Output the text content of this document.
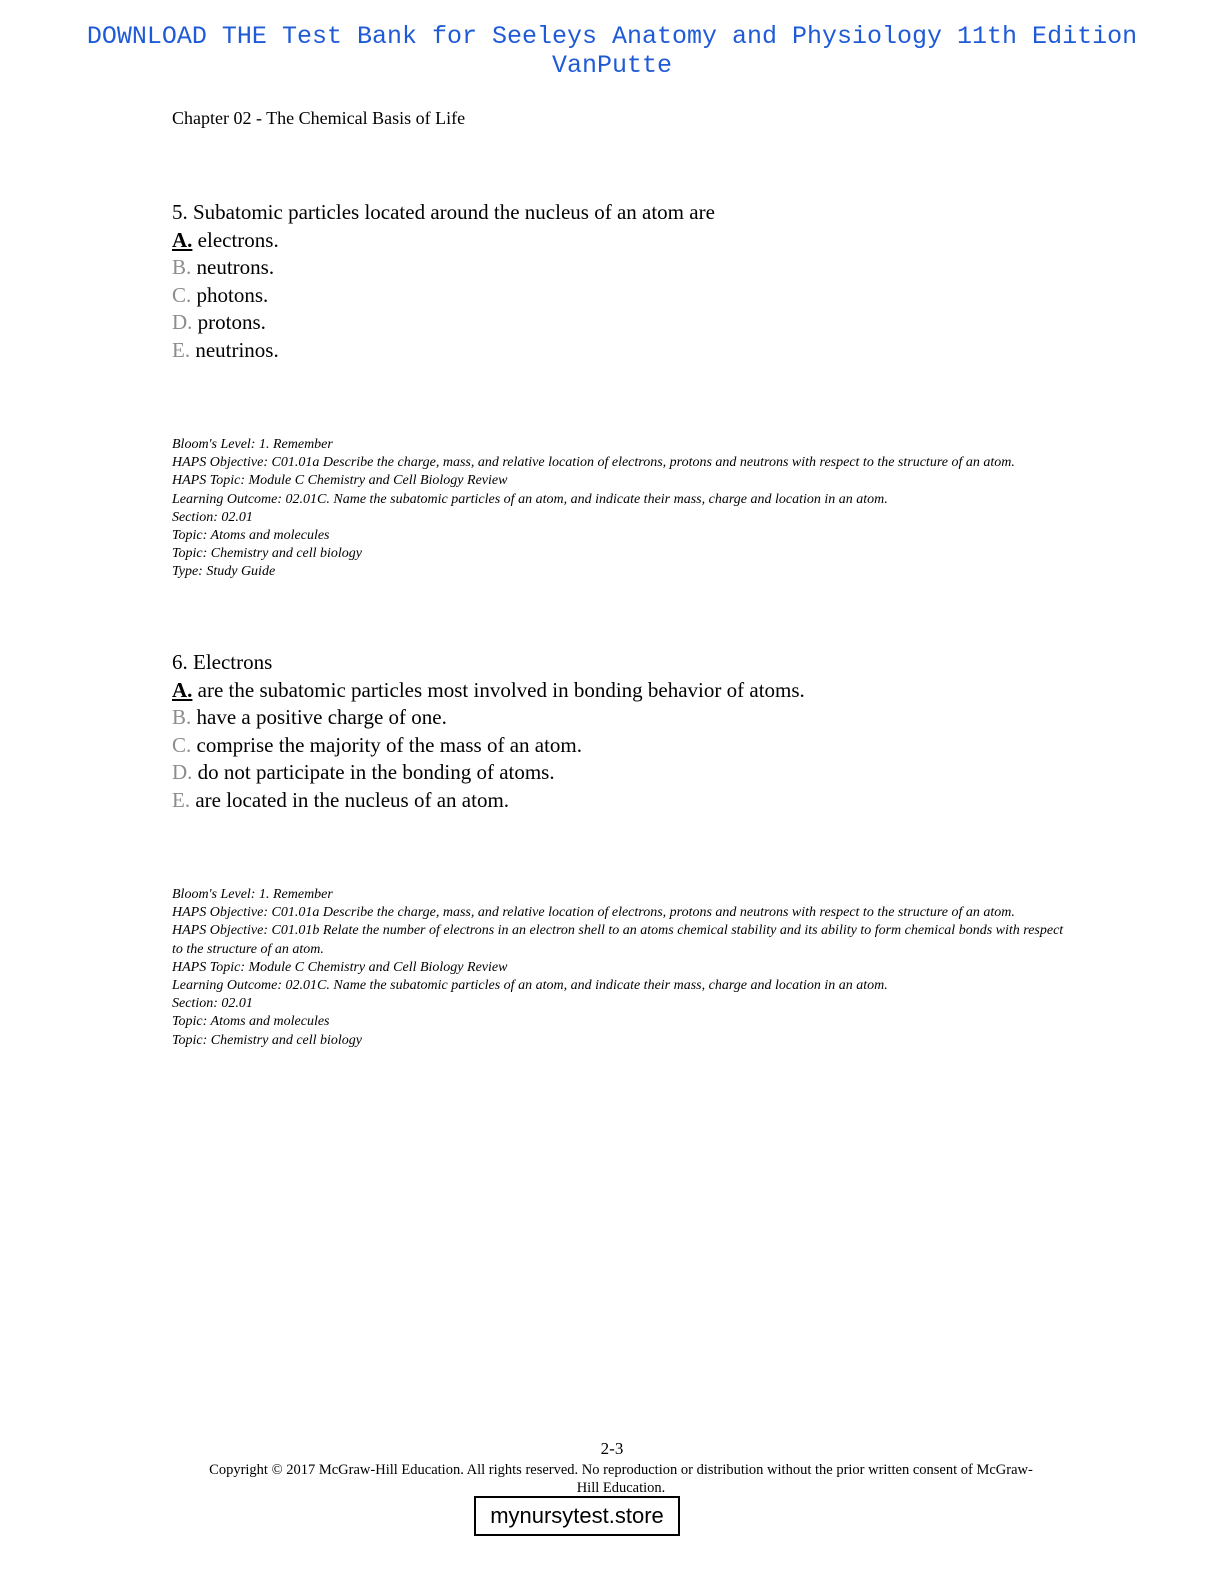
DOWNLOAD THE Test Bank for Seeleys Anatomy and Physiology 11th Edition
VanPutte
Chapter 02 - The Chemical Basis of Life
5. Subatomic particles located around the nucleus of an atom are
A. electrons.
B. neutrons.
C. photons.
D. protons.
E. neutrinos.
Bloom's Level: 1. Remember
HAPS Objective: C01.01a Describe the charge, mass, and relative location of electrons, protons and neutrons with respect to the structure of an atom.
HAPS Topic: Module C Chemistry and Cell Biology Review
Learning Outcome: 02.01C. Name the subatomic particles of an atom, and indicate their mass, charge and location in an atom.
Section: 02.01
Topic: Atoms and molecules
Topic: Chemistry and cell biology
Type: Study Guide
6. Electrons
A. are the subatomic particles most involved in bonding behavior of atoms.
B. have a positive charge of one.
C. comprise the majority of the mass of an atom.
D. do not participate in the bonding of atoms.
E. are located in the nucleus of an atom.
Bloom's Level: 1. Remember
HAPS Objective: C01.01a Describe the charge, mass, and relative location of electrons, protons and neutrons with respect to the structure of an atom.
HAPS Objective: C01.01b Relate the number of electrons in an electron shell to an atoms chemical stability and its ability to form chemical bonds with respect to the structure of an atom.
HAPS Topic: Module C Chemistry and Cell Biology Review
Learning Outcome: 02.01C. Name the subatomic particles of an atom, and indicate their mass, charge and location in an atom.
Section: 02.01
Topic: Atoms and molecules
Topic: Chemistry and cell biology
2-3
Copyright © 2017 McGraw-Hill Education. All rights reserved. No reproduction or distribution without the prior written consent of McGraw-Hill Education.
mynursytest.store
